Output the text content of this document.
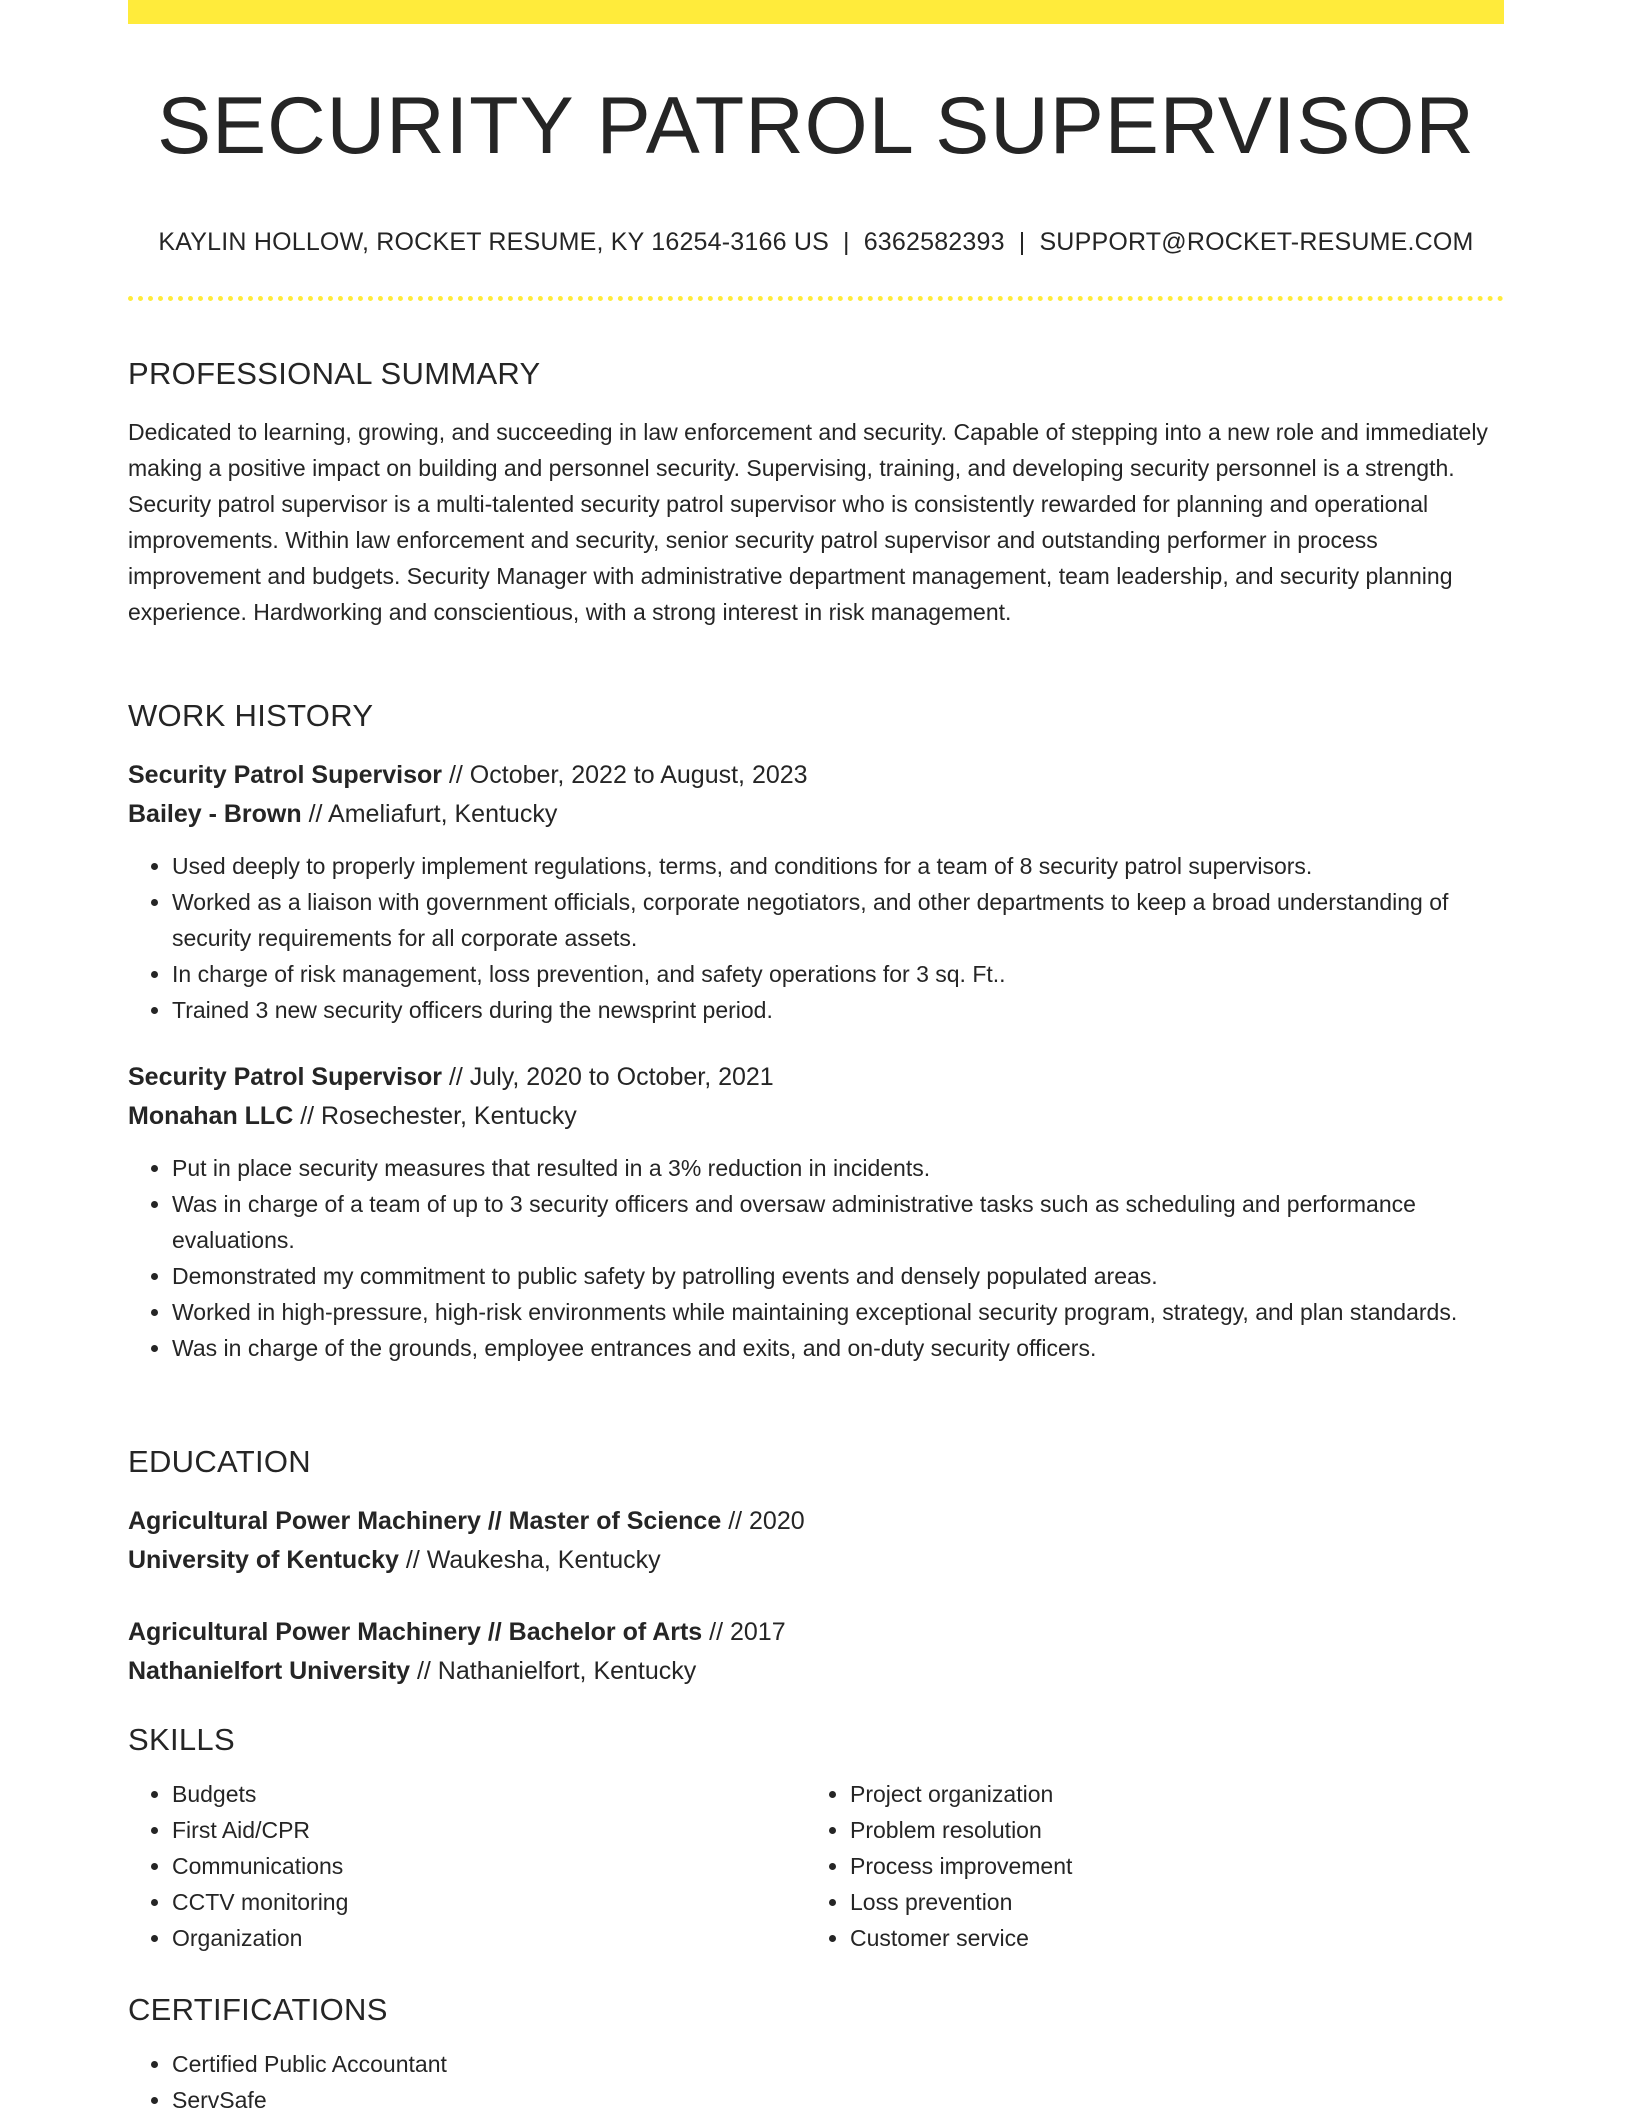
SECURITY PATROL SUPERVISOR
KAYLIN HOLLOW, ROCKET RESUME, KY 16254-3166 US | 6362582393 | SUPPORT@ROCKET-RESUME.COM
PROFESSIONAL SUMMARY
Dedicated to learning, growing, and succeeding in law enforcement and security. Capable of stepping into a new role and immediately making a positive impact on building and personnel security. Supervising, training, and developing security personnel is a strength. Security patrol supervisor is a multi-talented security patrol supervisor who is consistently rewarded for planning and operational improvements. Within law enforcement and security, senior security patrol supervisor and outstanding performer in process improvement and budgets. Security Manager with administrative department management, team leadership, and security planning experience. Hardworking and conscientious, with a strong interest in risk management.
WORK HISTORY
Security Patrol Supervisor // October, 2022 to August, 2023
Bailey - Brown // Ameliafurt, Kentucky
• Used deeply to properly implement regulations, terms, and conditions for a team of 8 security patrol supervisors.
• Worked as a liaison with government officials, corporate negotiators, and other departments to keep a broad understanding of security requirements for all corporate assets.
• In charge of risk management, loss prevention, and safety operations for 3 sq. Ft..
• Trained 3 new security officers during the newsprint period.
Security Patrol Supervisor // July, 2020 to October, 2021
Monahan LLC // Rosechester, Kentucky
• Put in place security measures that resulted in a 3% reduction in incidents.
• Was in charge of a team of up to 3 security officers and oversaw administrative tasks such as scheduling and performance evaluations.
• Demonstrated my commitment to public safety by patrolling events and densely populated areas.
• Worked in high-pressure, high-risk environments while maintaining exceptional security program, strategy, and plan standards.
• Was in charge of the grounds, employee entrances and exits, and on-duty security officers.
EDUCATION
Agricultural Power Machinery // Master of Science // 2020
University of Kentucky // Waukesha, Kentucky
Agricultural Power Machinery // Bachelor of Arts // 2017
Nathanielfort University // Nathanielfort, Kentucky
SKILLS
• Budgets
• First Aid/CPR
• Communications
• CCTV monitoring
• Organization
• Project organization
• Problem resolution
• Process improvement
• Loss prevention
• Customer service
CERTIFICATIONS
• Certified Public Accountant
• ServSafe
